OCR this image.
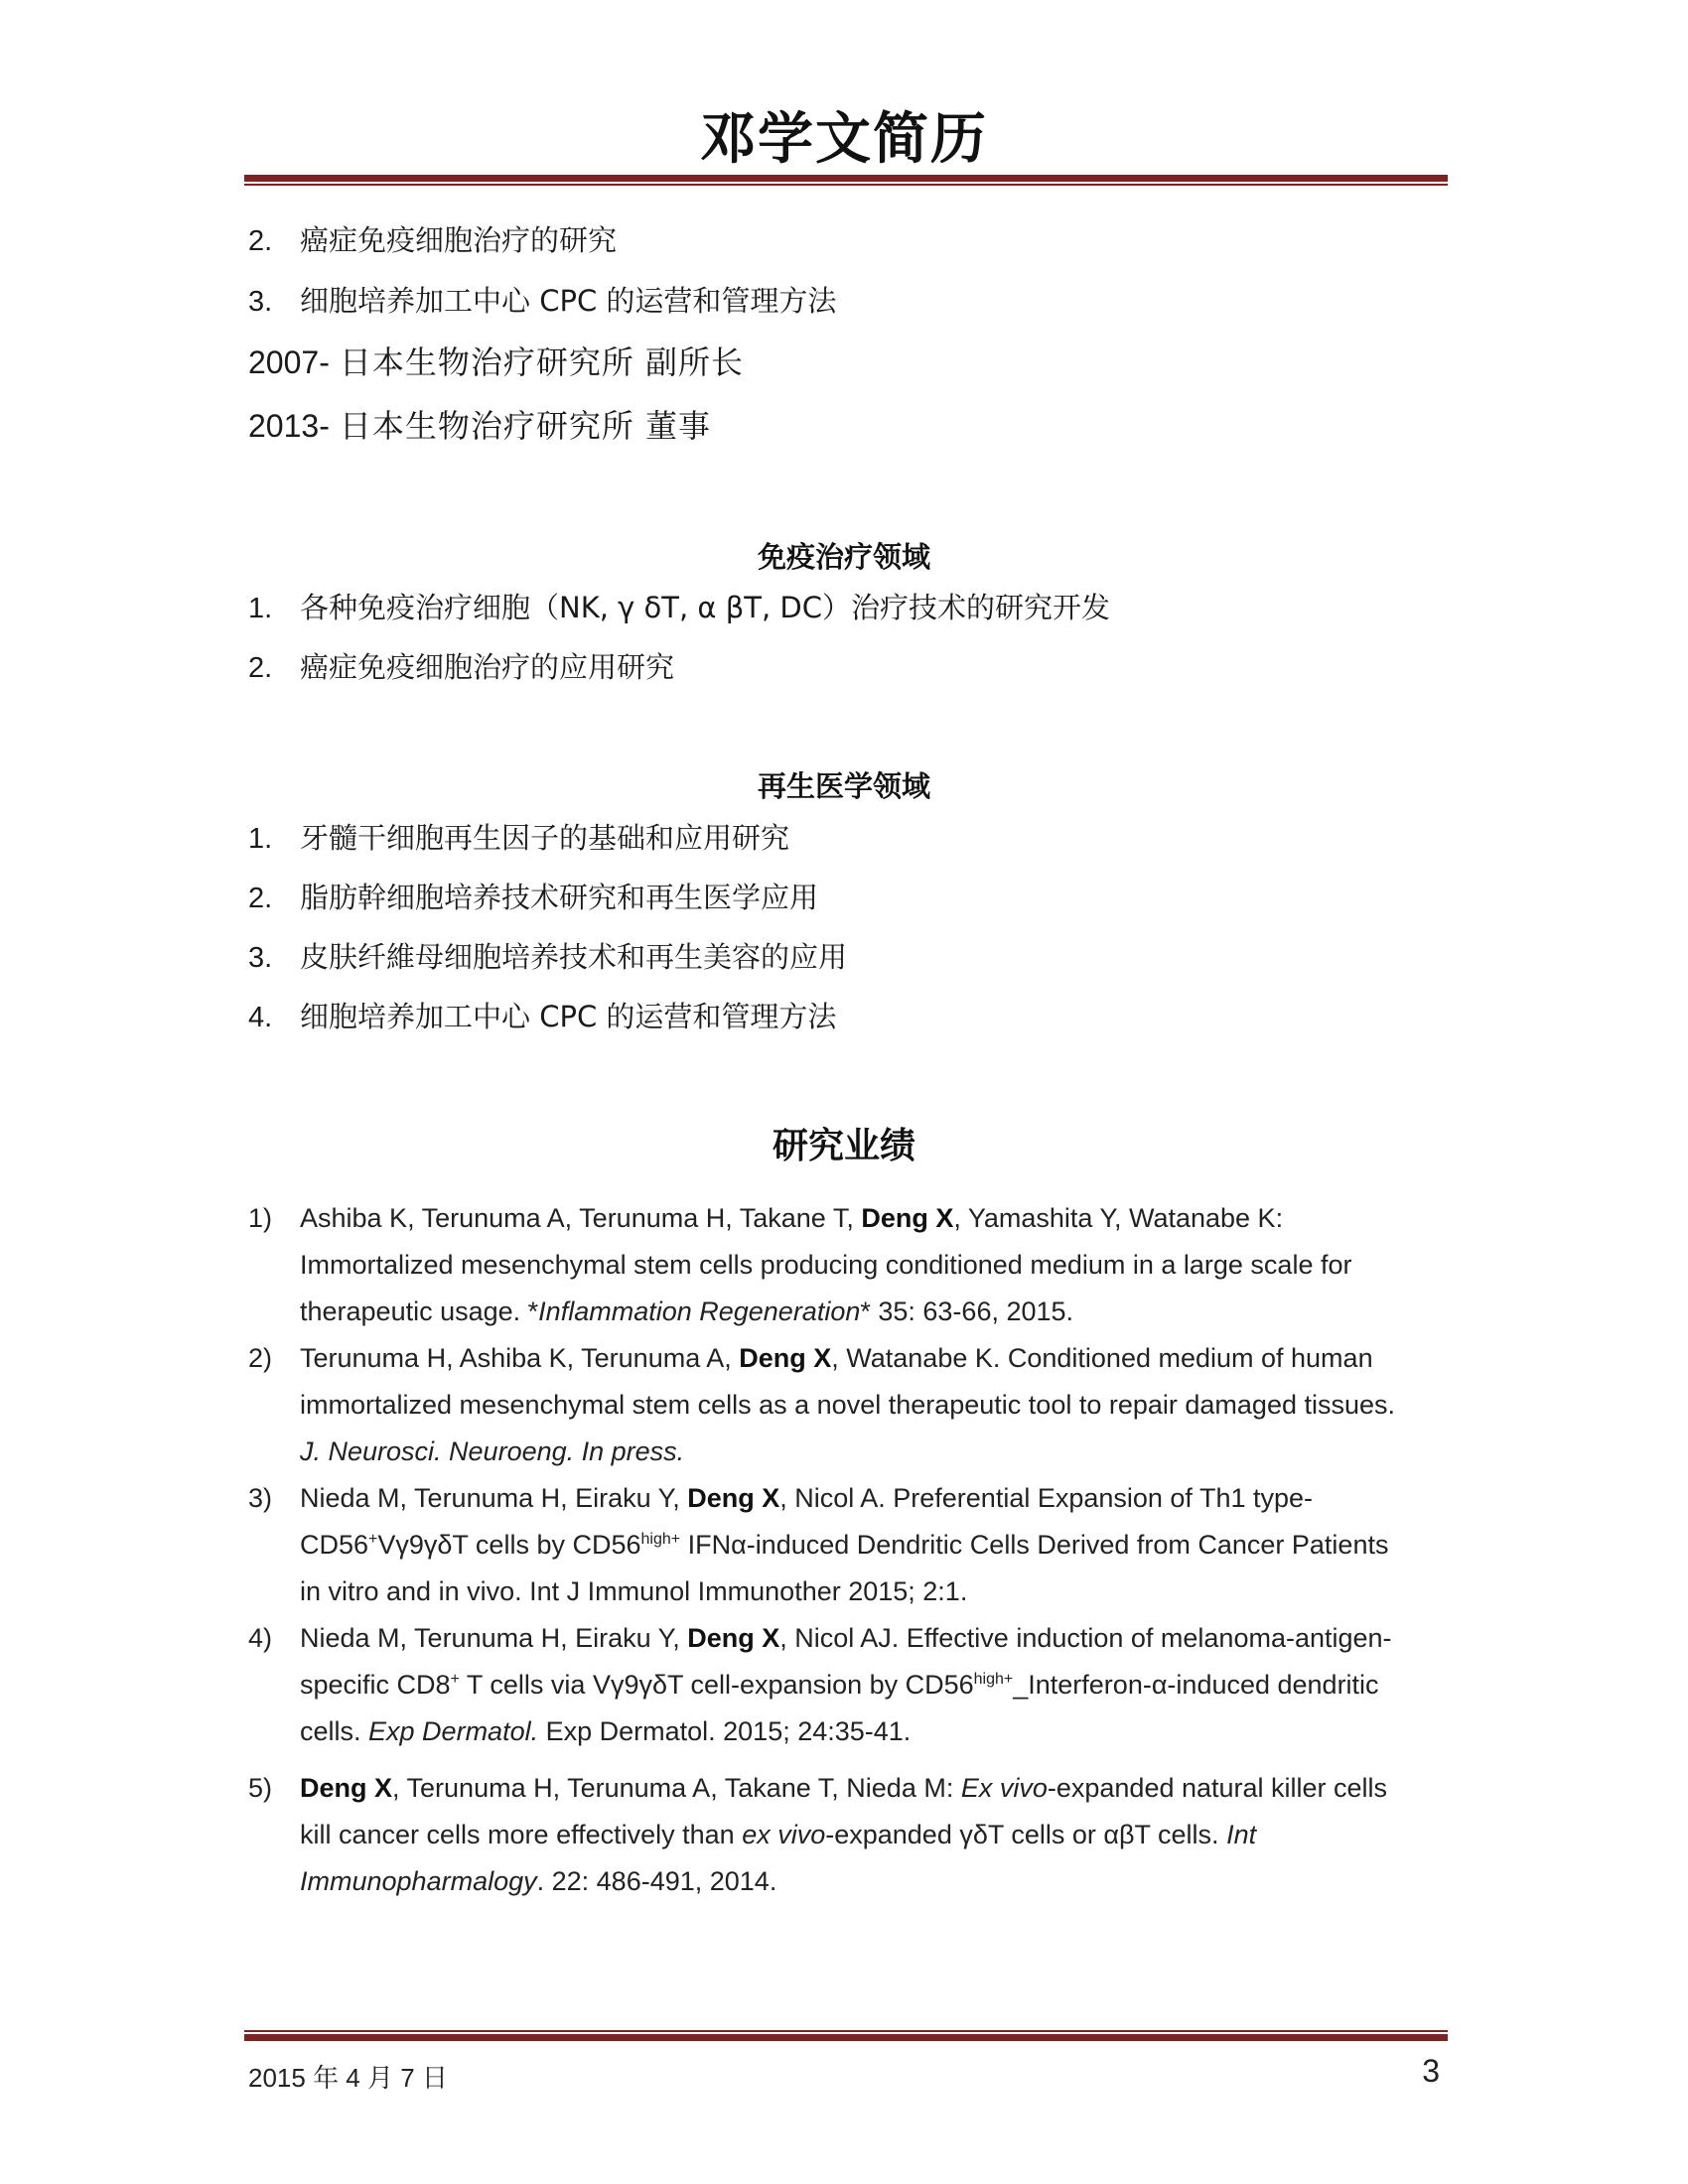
邓学文简历
2. 癌症免疫细胞治疗的研究
3. 细胞培养加工中心 CPC 的运营和管理方法
2007- 日本生物治疗研究所 副所长
2013- 日本生物治疗研究所 董事
免疫治疗领域
1. 各种免疫治疗细胞（NK, γ δT, α βT, DC）治疗技术的研究开发
2. 癌症免疫细胞治疗的应用研究
再生医学领域
1. 牙髓干细胞再生因子的基础和应用研究
2. 脂肪幹细胞培养技术研究和再生医学应用
3. 皮肤纤維母细胞培养技术和再生美容的应用
4. 细胞培养加工中心 CPC 的运营和管理方法
研究业绩
1) Ashiba K, Terunuma A, Terunuma H, Takane T, Deng X, Yamashita Y, Watanabe K:
Immortalized mesenchymal stem cells producing conditioned medium in a large scale for
therapeutic usage. *Inflammation Regeneration* 35: 63-66, 2015.
2) Terunuma H, Ashiba K, Terunuma A, Deng X, Watanabe K. Conditioned medium of human
immortalized mesenchymal stem cells as a novel therapeutic tool to repair damaged tissues.
J. Neurosci. Neuroeng. In press.
3) Nieda M, Terunuma H, Eiraku Y, Deng X, Nicol A. Preferential Expansion of Th1 type-
CD56+Vγ9γδT cells by $CD56^{high+}$ IFNα-induced Dendritic Cells Derived from Cancer Patients
in vitro and in vivo. Int J Immunol Immunother 2015; 2:1.
4) Nieda M, Terunuma H, Eiraku Y, Deng X, Nicol AJ. Effective induction of melanoma-antigen-
specific CD8+ T cells via Vγ9γδT cell-expansion by $CD56^{high+}\_Interferon-\alpha$-induced dendritic
cells. Exp Dermatol. Exp Dermatol. 2015; 24:35-41.
5) Deng X, Terunuma H, Terunuma A, Takane T, Nieda M: Ex vivo-expanded natural killer cells
kill cancer cells more effectively than ex vivo-expanded γδT cells or αβT cells. Int
Immunopharmalogy. 22: 486-491, 2014.
2015 年 4 月 7 日	3
